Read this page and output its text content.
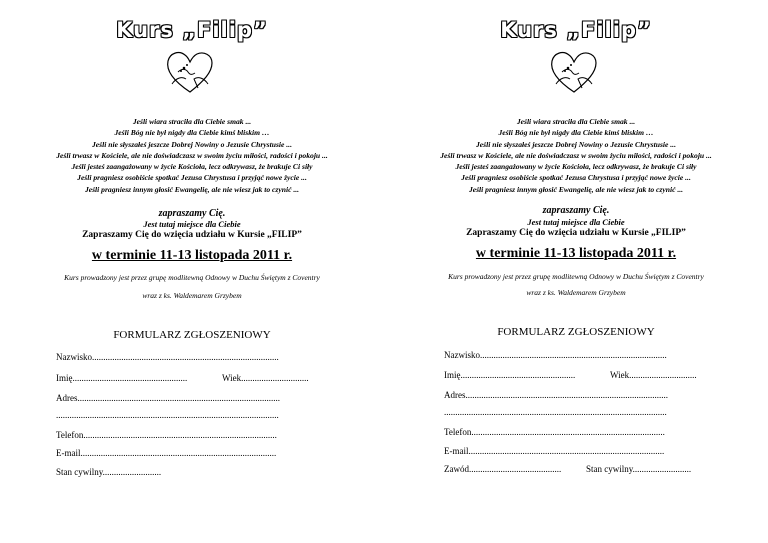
Kurs „Filip”
Jeśli wiara straciła dla Ciebie smak ...
Jeśli Bóg nie był nigdy dla Ciebie kimś bliskim …
Jeśli nie słyszałeś jeszcze Dobrej Nowiny o Jezusie Chrystusie ...
Jeśli trwasz w Kościele, ale nie doświadczasz w swoim życiu miłości, radości i pokoju ...
Jeśli jesteś zaangażowany w życie Kościoła, lecz odkrywasz, że brakuje Ci siły
Jeśli pragniesz osobiście spotkać Jezusa Chrystusa i przyjąć nowe życie ...
Jeśli pragniesz innym głosić Ewangelię, ale nie wiesz jak to czynić ...
zapraszamy Cię.
Jest tutaj miejsce dla Ciebie
Zapraszamy Cię do wzięcia udziału w Kursie „FILIP”
w terminie 11-13 listopada 2011 r.
Kurs prowadzony jest przez grupę modlitewną Odnowy w Duchu Świętym z Coventry
wraz z ks. Waldemarem Grzybem
FORMULARZ ZGŁOSZENIOWY
Nazwisko...................................................................................
Imię...................................................	Wiek..............................
Adres..........................................................................................
...................................................................................................
Telefon......................................................................................
E-mail.......................................................................................
Stan cywilny..........................
Kurs „Filip”
Jeśli wiara straciła dla Ciebie smak ...
Jeśli Bóg nie był nigdy dla Ciebie kimś bliskim …
Jeśli nie słyszałeś jeszcze Dobrej Nowiny o Jezusie Chrystusie ...
Jeśli trwasz w Kościele, ale nie doświadczasz w swoim życiu miłości, radości i pokoju ...
Jeśli jesteś zaangażowany w życie Kościoła, lecz odkrywasz, że brakuje Ci siły
Jeśli pragniesz osobiście spotkać Jezusa Chrystusa i przyjąć nowe życie ...
Jeśli pragniesz innym głosić Ewangelię, ale nie wiesz jak to czynić ...
zapraszamy Cię.
Jest tutaj miejsce dla Ciebie
Zapraszamy Cię do wzięcia udziału w Kursie „FILIP”
w terminie 11-13 listopada 2011 r.
Kurs prowadzony jest przez grupę modlitewną Odnowy w Duchu Świętym z Coventry
wraz z ks. Waldemarem Grzybem
FORMULARZ ZGŁOSZENIOWY
Nazwisko...................................................................................
Imię...................................................	Wiek..............................
Adres..........................................................................................
...................................................................................................
Telefon......................................................................................
E-mail.......................................................................................
Zawód.........................................	Stan cywilny..........................
